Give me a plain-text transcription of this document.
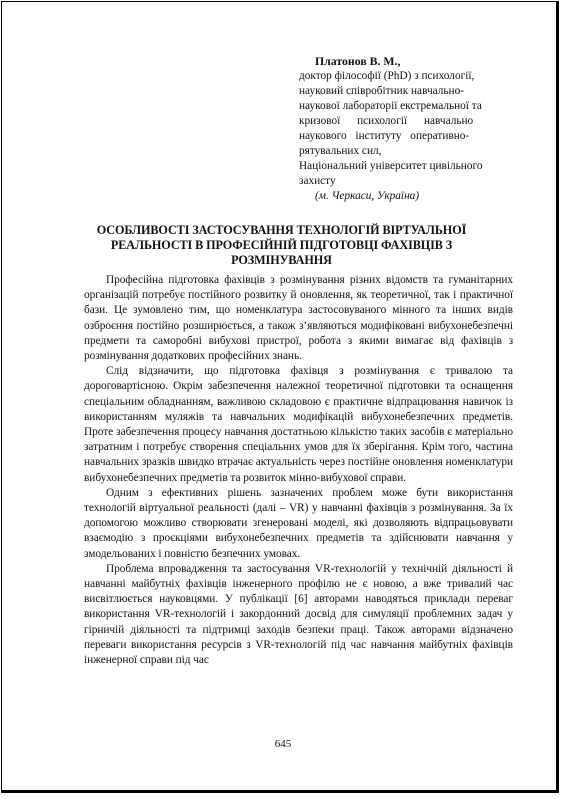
Платонов В. М.,
доктор філософії (PhD) з психології,
науковий співробітник навчально-
наукової лабораторії екстремальної та
кризової психології навчально
наукового інституту оперативно-
рятувальних сил,
Національний університет цивільного
захисту
(м. Черкаси, Україна)
ОСОБЛИВОСТІ ЗАСТОСУВАННЯ ТЕХНОЛОГІЙ ВІРТУАЛЬНОЇ РЕАЛЬНОСТІ В ПРОФЕСІЙНІЙ ПІДГОТОВЦІ ФАХІВЦІВ З РОЗМІНУВАННЯ

Професійна підготовка фахівців з розмінування різних відомств та гуманітарних організацій потребує постійного розвитку й оновлення, як теоретичної, так і практичної бази. Це зумовлено тим, що номенклатура застосовуваного мінного та інших видів озброєння постійно розширюється, а також з’являються модифіковані вибухонебезпечні предмети та саморобні вибухові пристрої, робота з якими вимагає від фахівців з розмінування додаткових професійних знань.

Слід відзначити, що підготовка фахівця з розмінування є тривалою та дороговартісною. Окрім забезпечення належної теоретичної підготовки та оснащення спеціальним обладнанням, важливою складовою є практичне відпрацювання навичок із використанням муляжів та навчальних модифікацій вибухонебезпечних предметів. Проте забезпечення процесу навчання достатньою кількістю таких засобів є матеріально затратним і потребує створення спеціальних умов для їх зберігання. Крім того, частина навчальних зразків швидко втрачає актуальність через постійне оновлення номенклатури вибухонебезпечних предметів та розвиток мінно-вибухової справи.

Одним з ефективних рішень зазначених проблем може бути використання технологій віртуальної реальності (далі – VR) у навчанні фахівців з розмінування. За їх допомогою можливо створювати згенеровані моделі, які дозволяють відпрацьовувати взаємодію з проєкціями вибухонебезпечних предметів та здійснювати навчання у змодельованих і повністю безпечних умовах.

Проблема впровадження та застосування VR-технологій у технічній діяльності й навчанні майбутніх фахівців інженерного профілю не є новою, а вже тривалий час висвітлюється науковцями. У публікації [6] авторами наводяться приклади переваг використання VR-технологій і закордонний досвід для симуляції проблемних задач у гірничій діяльності та підтримці заходів безпеки праці. Також авторами відзначено переваги використання ресурсів з VR-технологій під час навчання майбутніх фахівців інженерної справи під час

645
